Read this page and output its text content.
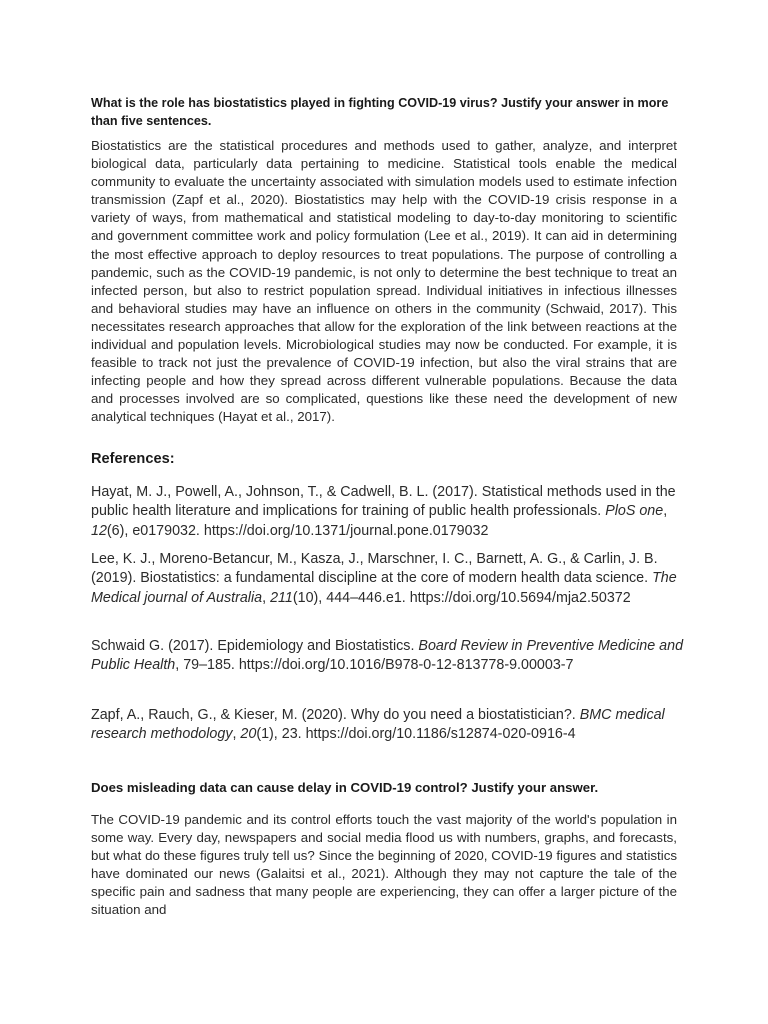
What is the role has biostatistics played in fighting COVID-19 virus? Justify your answer in more than five sentences.
Biostatistics are the statistical procedures and methods used to gather, analyze, and interpret biological data, particularly data pertaining to medicine. Statistical tools enable the medical community to evaluate the uncertainty associated with simulation models used to estimate infection transmission (Zapf et al., 2020). Biostatistics may help with the COVID-19 crisis response in a variety of ways, from mathematical and statistical modeling to day-to-day monitoring to scientific and government committee work and policy formulation (Lee et al., 2019). It can aid in determining the most effective approach to deploy resources to treat populations. The purpose of controlling a pandemic, such as the COVID-19 pandemic, is not only to determine the best technique to treat an infected person, but also to restrict population spread. Individual initiatives in infectious illnesses and behavioral studies may have an influence on others in the community (Schwaid, 2017). This necessitates research approaches that allow for the exploration of the link between reactions at the individual and population levels. Microbiological studies may now be conducted. For example, it is feasible to track not just the prevalence of COVID-19 infection, but also the viral strains that are infecting people and how they spread across different vulnerable populations. Because the data and processes involved are so complicated, questions like these need the development of new analytical techniques (Hayat et al., 2017).
References:
Hayat, M. J., Powell, A., Johnson, T., & Cadwell, B. L. (2017). Statistical methods used in the public health literature and implications for training of public health professionals. PloS one, 12(6), e0179032. https://doi.org/10.1371/journal.pone.0179032
Lee, K. J., Moreno-Betancur, M., Kasza, J., Marschner, I. C., Barnett, A. G., & Carlin, J. B. (2019). Biostatistics: a fundamental discipline at the core of modern health data science. The Medical journal of Australia, 211(10), 444–446.e1. https://doi.org/10.5694/mja2.50372
Schwaid G. (2017). Epidemiology and Biostatistics. Board Review in Preventive Medicine and Public Health, 79–185. https://doi.org/10.1016/B978-0-12-813778-9.00003-7
Zapf, A., Rauch, G., & Kieser, M. (2020). Why do you need a biostatistician?. BMC medical research methodology, 20(1), 23. https://doi.org/10.1186/s12874-020-0916-4
Does misleading data can cause delay in COVID-19 control? Justify your answer.
The COVID-19 pandemic and its control efforts touch the vast majority of the world's population in some way. Every day, newspapers and social media flood us with numbers, graphs, and forecasts, but what do these figures truly tell us? Since the beginning of 2020, COVID-19 figures and statistics have dominated our news (Galaitsi et al., 2021). Although they may not capture the tale of the specific pain and sadness that many people are experiencing, they can offer a larger picture of the situation and
